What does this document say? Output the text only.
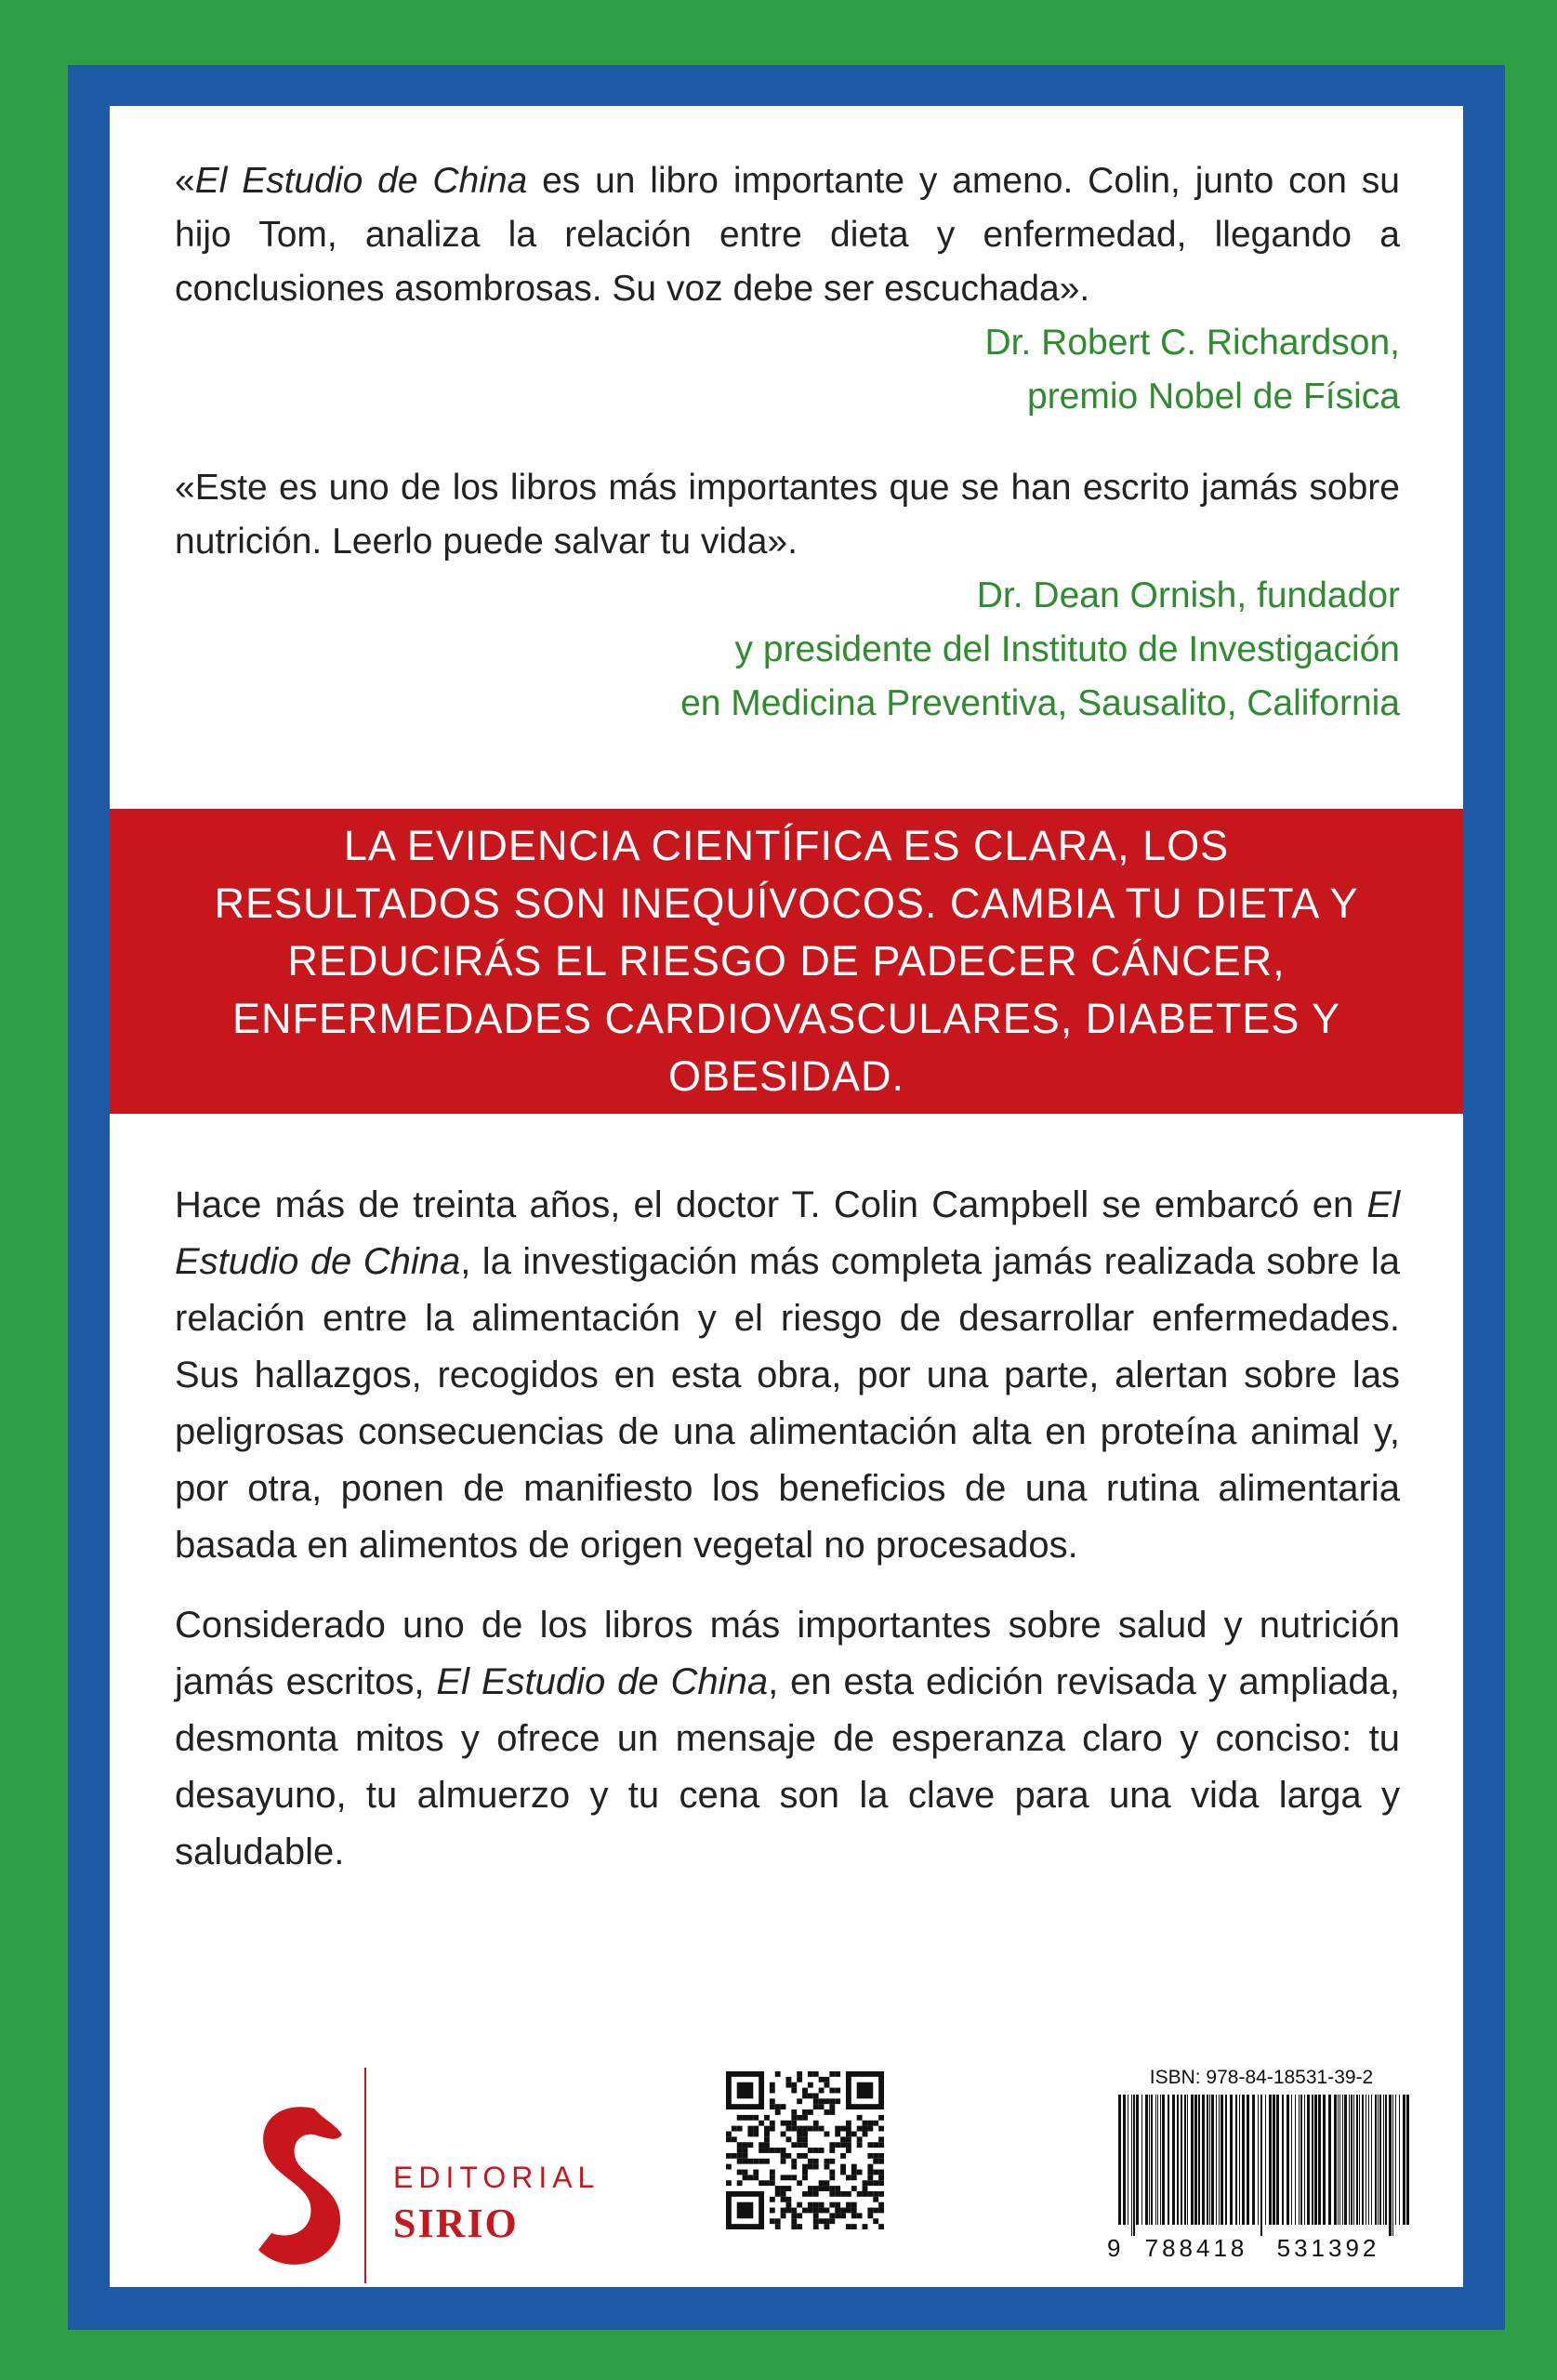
«El Estudio de China es un libro importante y ameno. Colin, junto con su hijo Tom, analiza la relación entre dieta y enfermedad, llegando a conclusiones asombrosas. Su voz debe ser escuchada».

Dr. Robert C. Richardson,
premio Nobel de Física

«Este es uno de los libros más importantes que se han escrito jamás sobre nutrición. Leerlo puede salvar tu vida».

Dr. Dean Ornish, fundador
y presidente del Instituto de Investigación
en Medicina Preventiva, Sausalito, California

LA EVIDENCIA CIENTÍFICA ES CLARA, LOS RESULTADOS SON INEQUÍVOCOS. CAMBIA TU DIETA Y REDUCIRÁS EL RIESGO DE PADECER CÁNCER, ENFERMEDADES CARDIOVASCULARES, DIABETES Y OBESIDAD.

Hace más de treinta años, el doctor T. Colin Campbell se embarcó en El Estudio de China, la investigación más completa jamás realizada sobre la relación entre la alimentación y el riesgo de desarrollar enfermedades. Sus hallazgos, recogidos en esta obra, por una parte, alertan sobre las peligrosas consecuencias de una alimentación alta en proteína animal y, por otra, ponen de manifiesto los beneficios de una rutina alimentaria basada en alimentos de origen vegetal no procesados.

Considerado uno de los libros más importantes sobre salud y nutrición jamás escritos, El Estudio de China, en esta edición revisada y ampliada, desmonta mitos y ofrece un mensaje de esperanza claro y conciso: tu desayuno, tu almuerzo y tu cena son la clave para una vida larga y saludable.

EDITORIAL
SIRIO
ISBN: 978-84-18531-39-2
9 788418 531392
